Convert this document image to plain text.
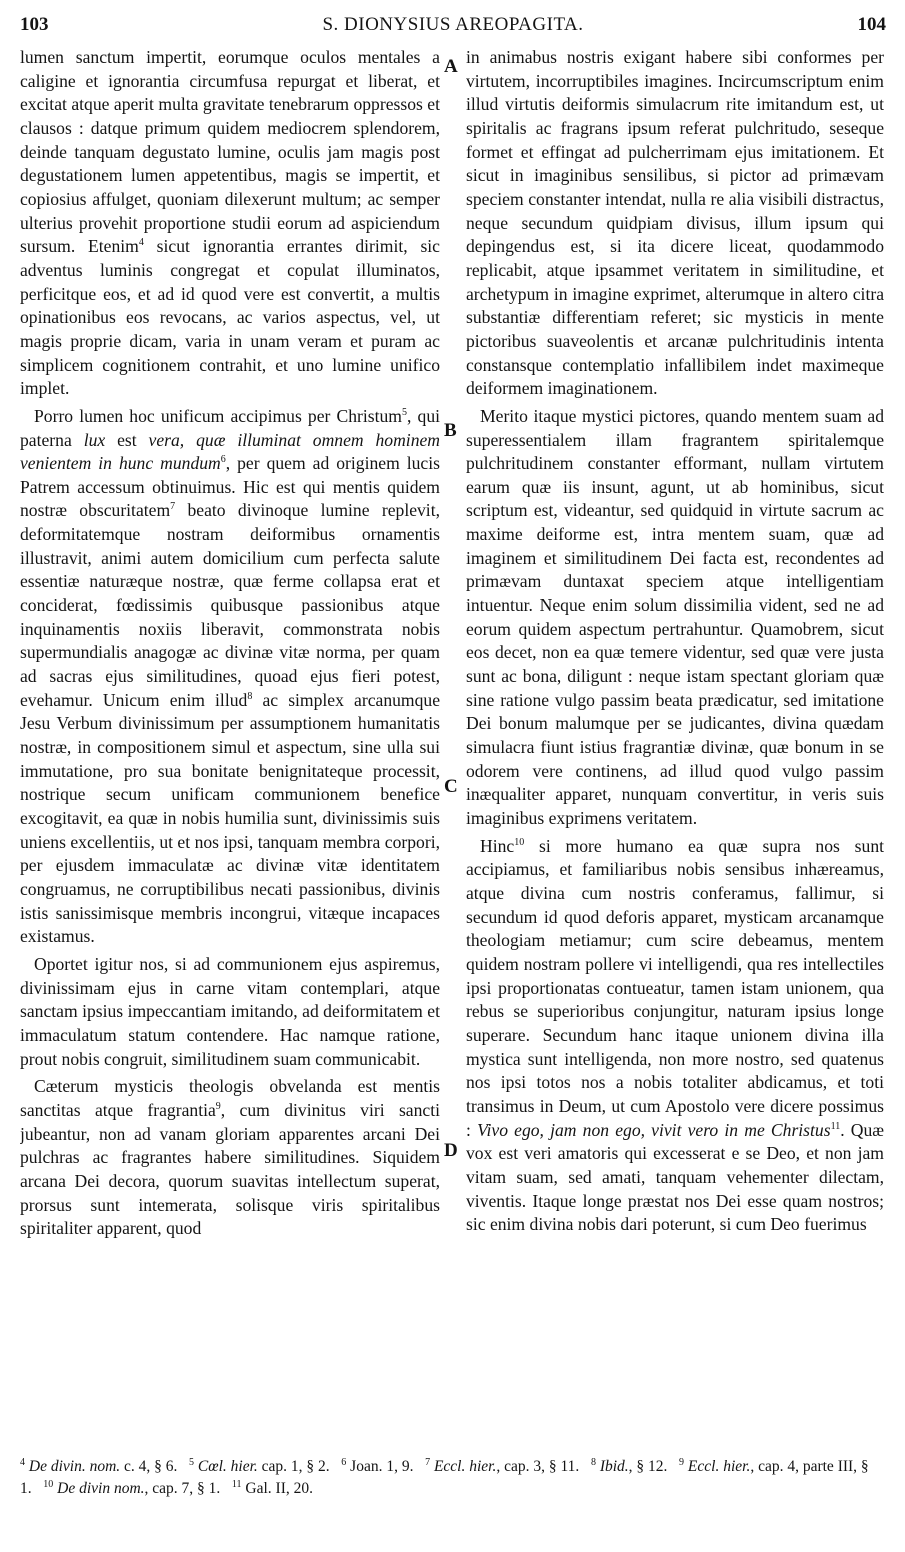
103	S. DIONYSIUS AREOPAGITA.	104

lumen sanctum impertit, eorumque oculos mentales a caligine et ignorantia circumfusa repurgat et liberat, et excitat atque aperit multa gravitate tenebrarum oppressos et clausos : datque primum quidem mediocrem splendorem, deinde tanquam degustato lumine, oculis jam magis post degustationem lumen appetentibus, magis se impertit, et copiosius affulget, quoniam dilexerunt multum; ac semper ulterius provehit proportione studii eorum ad aspiciendum sursum. Etenim$^4$ sicut ignorantia errantes dirimit, sic adventus luminis congregat et copulat illuminatos, perficitque eos, et ad id quod vere est convertit, a multis opinationibus eos revocans, ac varios aspectus, vel, ut magis proprie dicam, varia in unam veram et puram ac simplicem cognitionem contrahit, et uno lumine unifico implet.

Porro lumen hoc unificum accipimus per Christum$^5$, qui paterna lux est vera, quæ illuminat omnem hominem venientem in hunc mundum$^6$, per quem ad originem lucis Patrem accessum obtinuimus. Hic est qui mentis quidem nostræ obscuritatem$^7$ beato divinoque lumine replevit, deformitatemque nostram deiformibus ornamentis illustravit, animi autem domicilium cum perfecta salute essentiæ naturæque nostræ, quæ ferme collapsa erat et conciderat, fœdissimis quibusque passionibus atque inquinamentis noxiis liberavit, commonstrata nobis supermundialis anagogæ ac divinæ vitæ norma, per quam ad sacras ejus similitudines, quoad ejus fieri potest, evehamur. Unicum enim illud$^8$ ac simplex arcanumque Jesu Verbum divinissimum per assumptionem humanitatis nostræ, in compositionem simul et aspectum, sine ulla sui immutatione, pro sua bonitate benignitateque processit, nostrique secum unificam communionem benefice excogitavit, ea quæ in nobis humilia sunt, divinissimis suis uniens excellentiis, ut et nos ipsi, tanquam membra corpori, per ejusdem immaculatæ ac divinæ vitæ identitatem congruamus, ne corruptibilibus necati passionibus, divinis istis sanissimisque membris incongrui, vitæque incapaces existamus.

Oportet igitur nos, si ad communionem ejus aspiremus, divinissimam ejus in carne vitam contemplari, atque sanctam ipsius impeccantiam imitando, ad deiformitatem et immaculatum statum contendere. Hac namque ratione, prout nobis congruit, similitudinem suam communicabit.

Cæterum mysticis theologis obvelanda est mentis sanctitas atque fragrantia$^9$, cum divinitus viri sancti jubeantur, non ad vanam gloriam apparentes arcani Dei pulchras ac fragrantes habere similitudines. Siquidem arcana Dei decora, quorum suavitas intellectum superat, prorsus sunt intemerata, solisque viris spiritalibus spiritaliter apparent, quod

A
B
C
D

in animabus nostris exigant habere sibi conformes per virtutem, incorruptibiles imagines. Incircumscriptum enim illud virtutis deiformis simulacrum rite imitandum est, ut spiritalis ac fragrans ipsum referat pulchritudo, seseque formet et effingat ad pulcherrimam ejus imitationem. Et sicut in imaginibus sensilibus, si pictor ad primævam speciem constanter intendat, nulla re alia visibili distractus, neque secundum quidpiam divisus, illum ipsum qui depingendus est, si ita dicere liceat, quodammodo replicabit, atque ipsammet veritatem in similitudine, et archetypum in imagine exprimet, alterumque in altero citra substantiæ differentiam referet; sic mysticis in mente pictoribus suaveolentis et arcanæ pulchritudinis intenta constansque contemplatio infallibilem indet maximeque deiformem imaginationem.

Merito itaque mystici pictores, quando mentem suam ad superessentialem illam fragrantem spiritalemque pulchritudinem constanter efformant, nullam virtutem earum quæ iis insunt, agunt, ut ab hominibus, sicut scriptum est, videantur, sed quidquid in virtute sacrum ac maxime deiforme est, intra mentem suam, quæ ad imaginem et similitudinem Dei facta est, recondentes ad primævam duntaxat speciem atque intelligentiam intuentur. Neque enim solum dissimilia vident, sed ne ad eorum quidem aspectum pertrahuntur. Quamobrem, sicut eos decet, non ea quæ temere videntur, sed quæ vere justa sunt ac bona, diligunt : neque istam spectant gloriam quæ sine ratione vulgo passim beata prædicatur, sed imitatione Dei bonum malumque per se judicantes, divina quædam simulacra fiunt istius fragrantiæ divinæ, quæ bonum in se odorem vere continens, ad illud quod vulgo passim inæqualiter apparet, nunquam convertitur, in veris suis imaginibus exprimens veritatem.

Hinc$^{10}$ si more humano ea quæ supra nos sunt accipiamus, et familiaribus nobis sensibus inhæreamus, atque divina cum nostris conferamus, fallimur, si secundum id quod deforis apparet, mysticam arcanamque theologiam metiamur; cum scire debeamus, mentem quidem nostram pollere vi intelligendi, qua res intellectiles ipsi proportionatas contueatur, tamen istam unionem, qua rebus se superioribus conjungitur, naturam ipsius longe superare. Secundum hanc itaque unionem divina illa mystica sunt intelligenda, non more nostro, sed quatenus nos ipsi totos nos a nobis totaliter abdicamus, et toti transimus in Deum, ut cum Apostolo vere dicere possimus : Vivo ego, jam non ego, vivit vero in me Christus$^{11}$. Quæ vox est veri amatoris qui excesserat e se Deo, et non jam vitam suam, sed amati, tanquam vehementer dilectam, viventis. Itaque longe præstat nos Dei esse quam nostros; sic enim divina nobis dari poterunt, si cum Deo fuerimus

$^4$ De divin. nom. c. 4, § 6. $^5$ Cœl. hier. cap. 1, § 2. $^6$ Joan. 1, 9. $^7$ Eccl. hier., cap. 3, § 11. $^8$ Ibid., § 12. $^9$ Eccl. hier., cap. 4, parte III, § 1. $^{10}$ De divin nom., cap. 7, § 1. $^{11}$ Gal. II, 20.
